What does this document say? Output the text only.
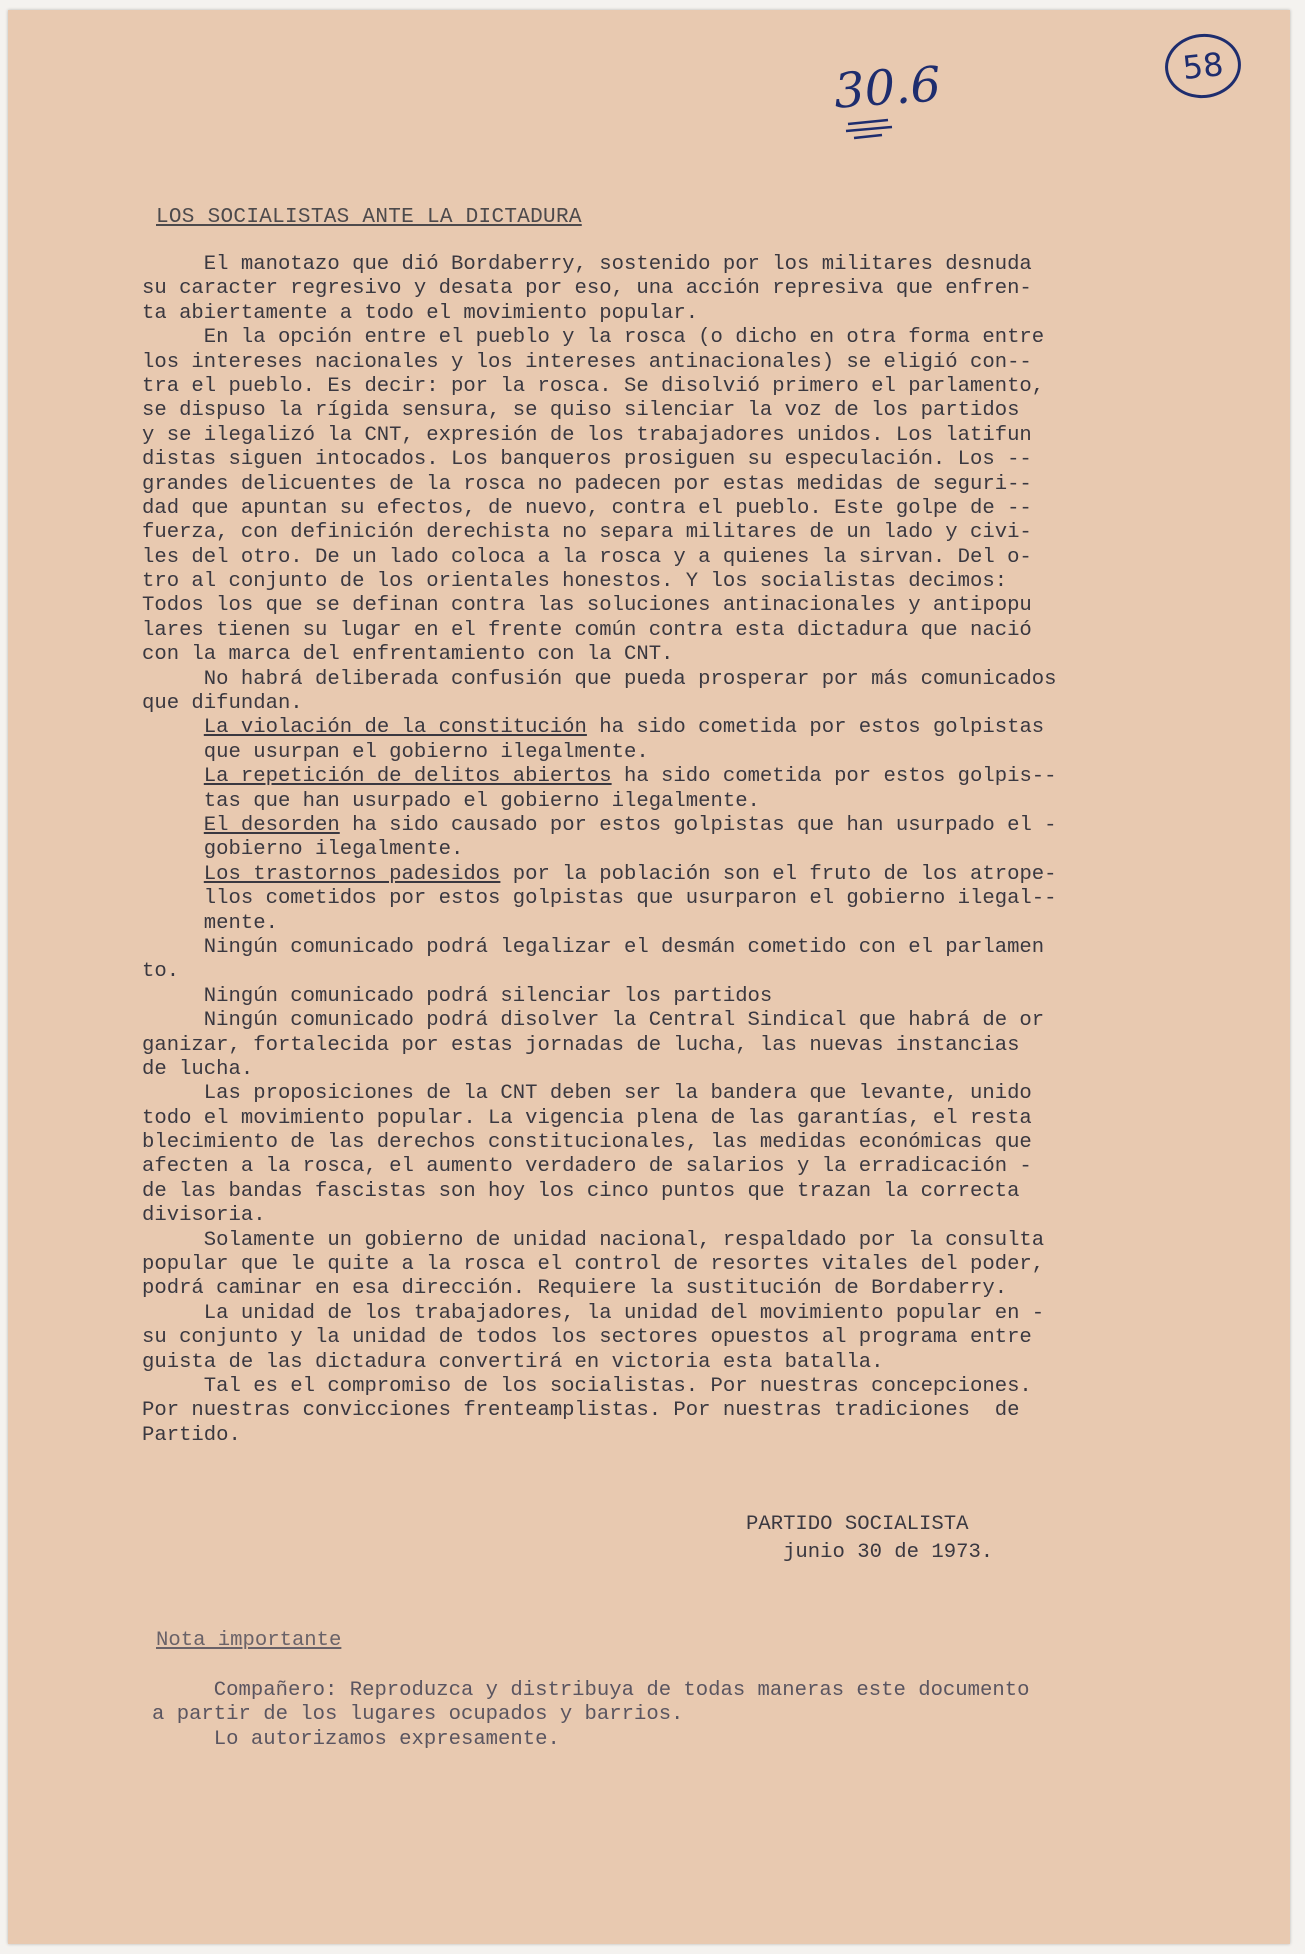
58
30.6
LOS SOCIALISTAS ANTE LA DICTADURA
El manotazo que dió Bordaberry, sostenido por los militares desnuda
su caracter regresivo y desata por eso, una acción represiva que enfren-
ta abiertamente a todo el movimiento popular.
En la opción entre el pueblo y la rosca (o dicho en otra forma entre
los intereses nacionales y los intereses antinacionales) se eligió con--
tra el pueblo. Es decir: por la rosca. Se disolvió primero el parlamento,
se dispuso la rígida sensura, se quiso silenciar la voz de los partidos
y se ilegalizó la CNT, expresión de los trabajadores unidos. Los latifun
distas siguen intocados. Los banqueros prosiguen su especulación. Los --
grandes delicuentes de la rosca no padecen por estas medidas de seguri--
dad que apuntan su efectos, de nuevo, contra el pueblo. Este golpe de --
fuerza, con definición derechista no separa militares de un lado y civi-
les del otro. De un lado coloca a la rosca y a quienes la sirvan. Del o-
tro al conjunto de los orientales honestos. Y los socialistas decimos:
Todos los que se definan contra las soluciones antinacionales y antipopu
lares tienen su lugar en el frente común contra esta dictadura que nació
con la marca del enfrentamiento con la CNT.
No habrá deliberada confusión que pueda prosperar por más comunicados
que difundan.
La violación de la constitución ha sido cometida por estos golpistas
que usurpan el gobierno ilegalmente.
La repetición de delitos abiertos ha sido cometida por estos golpis--
tas que han usurpado el gobierno ilegalmente.
El desorden ha sido causado por estos golpistas que han usurpado el -
gobierno ilegalmente.
Los trastornos padesidos por la población son el fruto de los atrope-
llos cometidos por estos golpistas que usurparon el gobierno ilegal--
mente.
Ningún comunicado podrá legalizar el desmán cometido con el parlamen
to.
Ningún comunicado podrá silenciar los partidos
Ningún comunicado podrá disolver la Central Sindical que habrá de or
ganizar, fortalecida por estas jornadas de lucha, las nuevas instancias
de lucha.
Las proposiciones de la CNT deben ser la bandera que levante, unido
todo el movimiento popular. La vigencia plena de las garantías, el resta
blecimiento de las derechos constitucionales, las medidas económicas que
afecten a la rosca, el aumento verdadero de salarios y la erradicación -
de las bandas fascistas son hoy los cinco puntos que trazan la correcta
divisoria.
Solamente un gobierno de unidad nacional, respaldado por la consulta
popular que le quite a la rosca el control de resortes vitales del poder,
podrá caminar en esa dirección. Requiere la sustitución de Bordaberry.
La unidad de los trabajadores, la unidad del movimiento popular en -
su conjunto y la unidad de todos los sectores opuestos al programa entre
guista de las dictadura convertirá en victoria esta batalla.
Tal es el compromiso de los socialistas. Por nuestras concepciones.
Por nuestras convicciones frenteamplistas. Por nuestras tradiciones  de
Partido.
PARTIDO SOCIALISTA
junio 30 de 1973.
Nota importante
Compañero: Reproduzca y distribuya de todas maneras este documento
a partir de los lugares ocupados y barrios.
Lo autorizamos expresamente.
